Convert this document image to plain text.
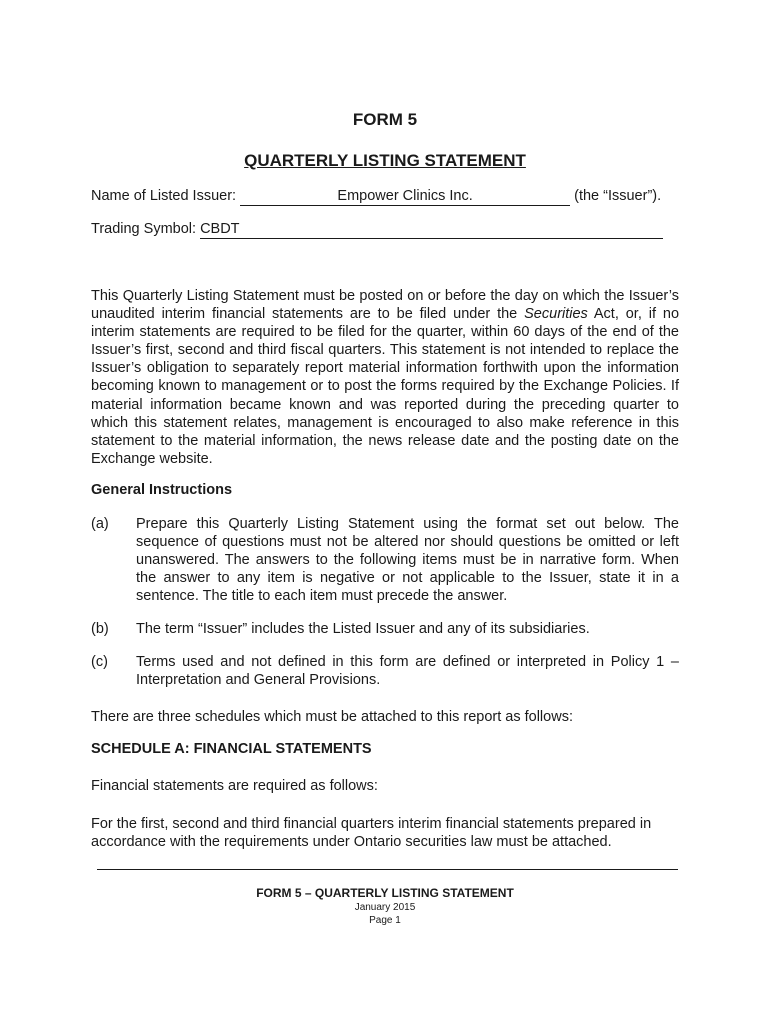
FORM 5
QUARTERLY LISTING STATEMENT
Name of Listed Issuer:	Empower Clinics Inc.	(the “Issuer”).
Trading Symbol: CBDT
This Quarterly Listing Statement must be posted on or before the day on which the Issuer’s unaudited interim financial statements are to be filed under the Securities Act, or, if no interim statements are required to be filed for the quarter, within 60 days of the end of the Issuer’s first, second and third fiscal quarters. This statement is not intended to replace the Issuer’s obligation to separately report material information forthwith upon the information becoming known to management or to post the forms required by the Exchange Policies. If material information became known and was reported during the preceding quarter to which this statement relates, management is encouraged to also make reference in this statement to the material information, the news release date and the posting date on the Exchange website.
General Instructions
(a) Prepare this Quarterly Listing Statement using the format set out below. The sequence of questions must not be altered nor should questions be omitted or left unanswered. The answers to the following items must be in narrative form. When the answer to any item is negative or not applicable to the Issuer, state it in a sentence. The title to each item must precede the answer.
(b) The term “Issuer” includes the Listed Issuer and any of its subsidiaries.
(c) Terms used and not defined in this form are defined or interpreted in Policy 1 – Interpretation and General Provisions.
There are three schedules which must be attached to this report as follows:
SCHEDULE A: FINANCIAL STATEMENTS
Financial statements are required as follows:
For the first, second and third financial quarters interim financial statements prepared in accordance with the requirements under Ontario securities law must be attached.
FORM 5 – QUARTERLY LISTING STATEMENT
January 2015
Page 1
